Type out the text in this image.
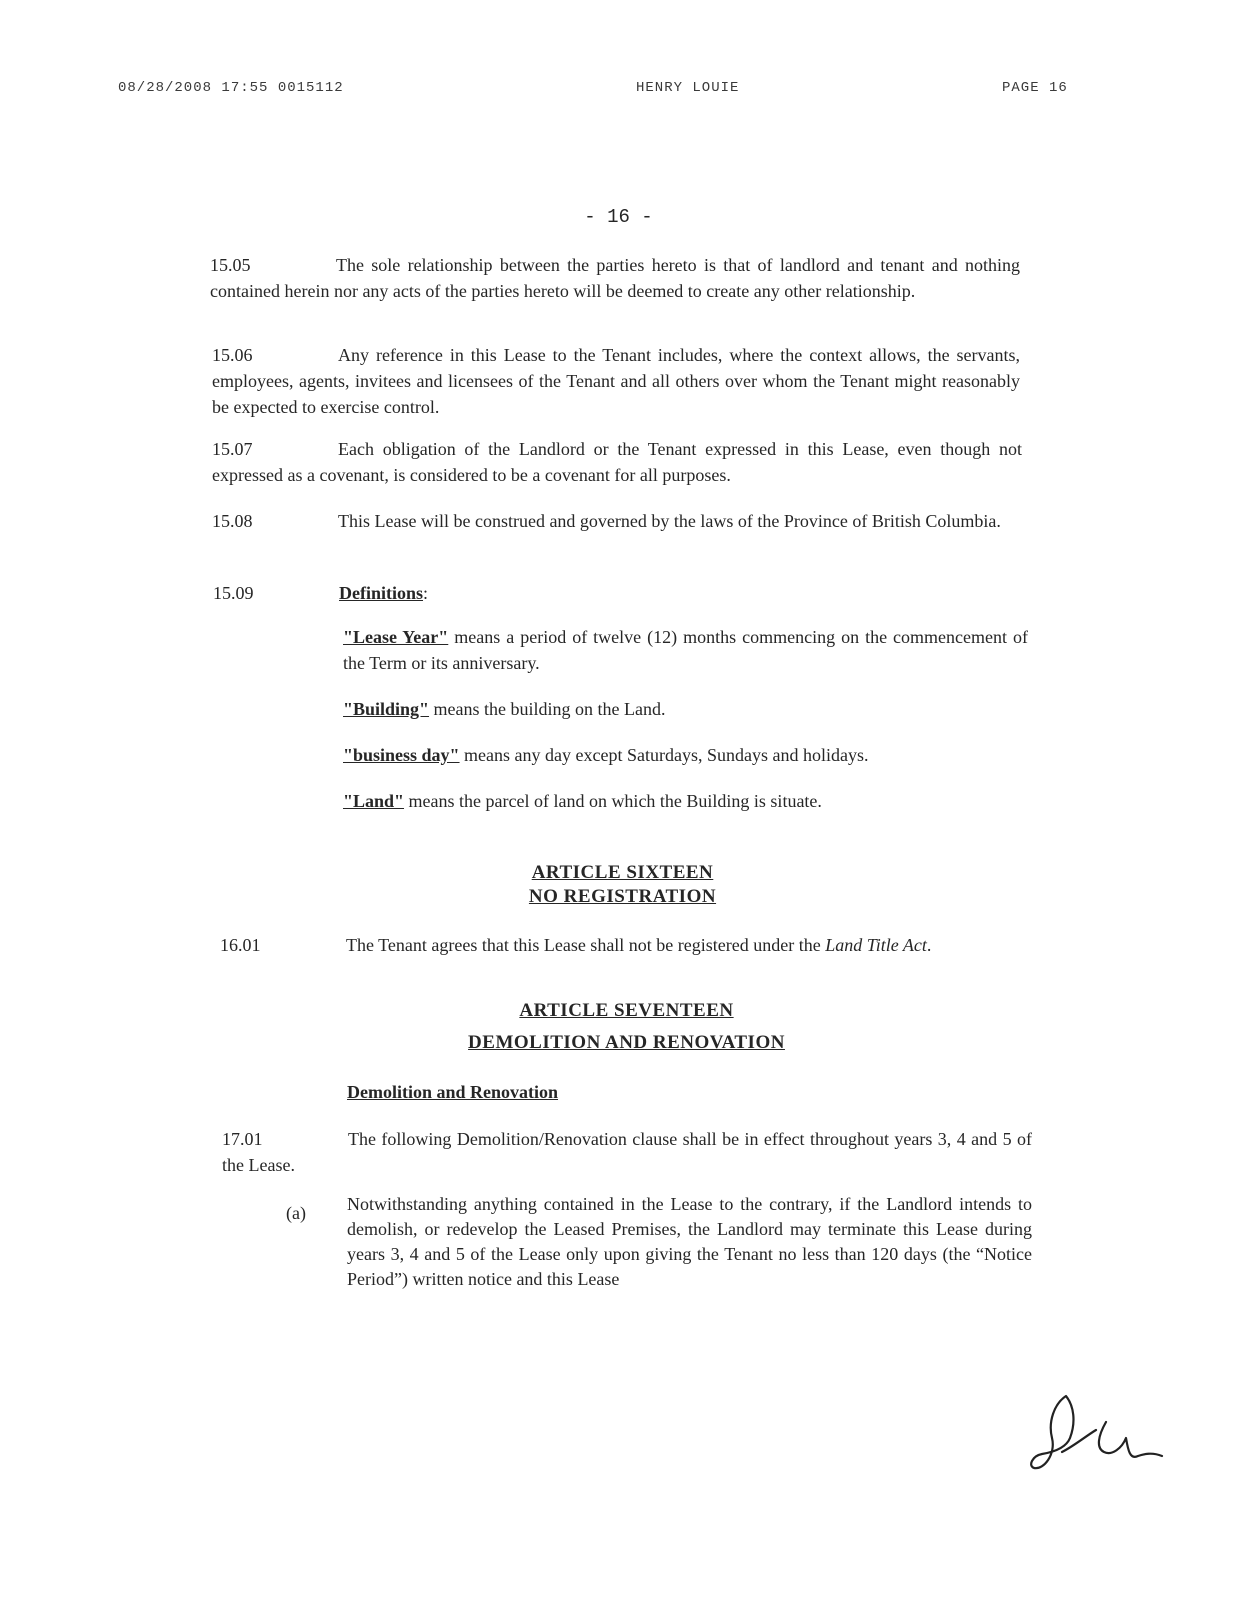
08/28/2008 17:55 0015112	HENRY LOUIE	PAGE 16
- 16 -
15.05	The sole relationship between the parties hereto is that of landlord and tenant and nothing contained herein nor any acts of the parties hereto will be deemed to create any other relationship.
15.06	Any reference in this Lease to the Tenant includes, where the context allows, the servants, employees, agents, invitees and licensees of the Tenant and all others over whom the Tenant might reasonably be expected to exercise control.
15.07	Each obligation of the Landlord or the Tenant expressed in this Lease, even though not expressed as a covenant, is considered to be a covenant for all purposes.
15.08	This Lease will be construed and governed by the laws of the Province of British Columbia.
15.09	Definitions:
"Lease Year" means a period of twelve (12) months commencing on the commencement of the Term or its anniversary.
"Building" means the building on the Land.
"business day" means any day except Saturdays, Sundays and holidays.
"Land" means the parcel of land on which the Building is situate.
ARTICLE SIXTEEN
NO REGISTRATION
16.01	The Tenant agrees that this Lease shall not be registered under the Land Title Act.
ARTICLE SEVENTEEN
DEMOLITION AND RENOVATION
Demolition and Renovation
17.01	The following Demolition/Renovation clause shall be in effect throughout years 3, 4 and 5 of the Lease.
(a) Notwithstanding anything contained in the Lease to the contrary, if the Landlord intends to demolish, or redevelop the Leased Premises, the Landlord may terminate this Lease during years 3, 4 and 5 of the Lease only upon giving the Tenant no less than 120 days (the “Notice Period”) written notice and this Lease
